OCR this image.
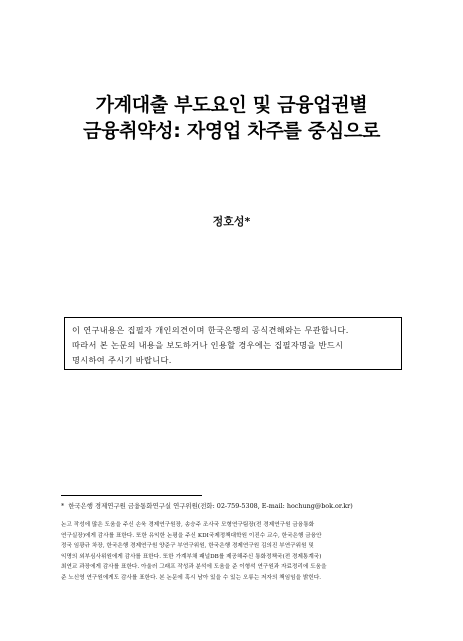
가계대출 부도요인 및 금융업권별
금융취약성: 자영업 차주를 중심으로
정호성*
이 연구내용은 집필자 개인의견이며 한국은행의 공식견해와는 무관합니다.
따라서 본 논문의 내용을 보도하거나 인용할 경우에는 집필자명을 반드시
명시하여 주시기 바랍니다.
* 한국은행 경제연구원 금융통화연구실 연구위원(전화: 02-759-5308, E-mail: hochung@bok.or.kr)
논고 작성에 많은 도움을 주신 손욱 경제연구원장, 송승주 조사국 모형연구팀장(전 경제연구원 금융통화
연구실장)에게 감사를 표한다. 또한 유익한 논평을 주신 KDI국제정책대학원 이진수 교수, 한국은행 금융안
정국 임광규 차장, 한국은행 경제연구원 양준구 부연구위원, 한국은행 경제연구원 김의진 부연구위원 및
익명의 외부심사위원에게 감사를 표한다. 또한 가계부채 패널DB를 제공해주신 통화정책국(전 경제통계국)
최연교 과장에게 감사를 표한다. 아울러 그래프 작성과 분석에 도움을 준 이형석 연구원과 자료정리에 도움을
준 노신영 연구원에게도 감사를 표한다. 본 논문에 혹시 남아 있을 수 있는 오류는 저자의 책임임을 밝힌다.
